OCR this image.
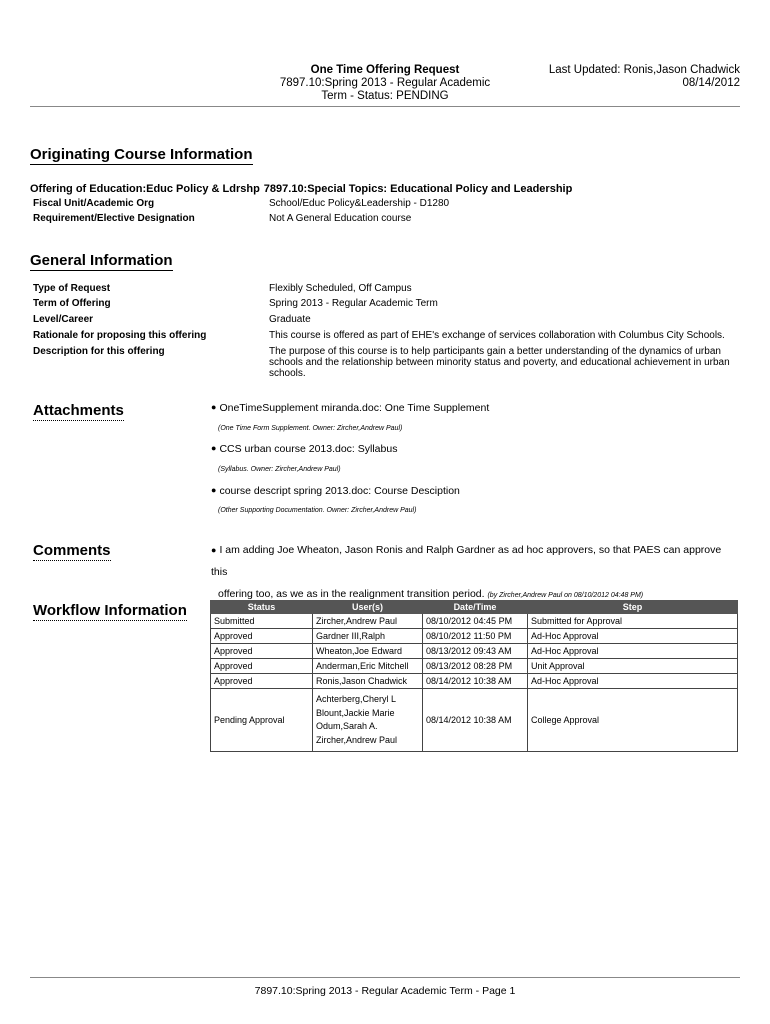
One Time Offering Request
7897.10:Spring 2013 - Regular Academic
Term - Status: PENDING
Last Updated: Ronis,Jason Chadwick
08/14/2012
Originating Course Information
Offering of Education:Educ Policy & Ldrshp 7897.10:Special Topics: Educational Policy and Leadership
Fiscal Unit/Academic Org	School/Educ Policy&Leadership - D1280
Requirement/Elective Designation	Not A General Education course
General Information
Type of Request	Flexibly Scheduled, Off Campus
Term of Offering	Spring 2013 - Regular Academic Term
Level/Career	Graduate
Rationale for proposing this offering	This course is offered as part of EHE's exchange of services collaboration with Columbus City Schools.
Description for this offering	The purpose of this course is to help participants gain a better understanding of the dynamics of urban schools and the relationship between minority status and poverty, and educational achievement in urban schools.
Attachments	● OneTimeSupplement miranda.doc: One Time Supplement
(One Time Form Supplement. Owner: Zircher,Andrew Paul)
● CCS urban course 2013.doc: Syllabus
(Syllabus. Owner: Zircher,Andrew Paul)
● course descript spring 2013.doc: Course Desciption
(Other Supporting Documentation. Owner: Zircher,Andrew Paul)
Comments	● I am adding Joe Wheaton, Jason Ronis and Ralph Gardner as ad hoc approvers, so that PAES can approve this
offering too, as we as in the realignment transition period. (by Zircher,Andrew Paul on 08/10/2012 04:48 PM)
Workflow Information	Status	User(s)	Date/Time	Step
Submitted	Zircher,Andrew Paul	08/10/2012 04:45 PM	Submitted for Approval
Approved	Gardner III,Ralph	08/10/2012 11:50 PM	Ad-Hoc Approval
Approved	Wheaton,Joe Edward	08/13/2012 09:43 AM	Ad-Hoc Approval
Approved	Anderman,Eric Mitchell	08/13/2012 08:28 PM	Unit Approval
Approved	Ronis,Jason Chadwick	08/14/2012 10:38 AM	Ad-Hoc Approval
Pending Approval	Achterberg,Cheryl L
Blount,Jackie Marie
Odum,Sarah A.
Zircher,Andrew Paul	08/14/2012 10:38 AM	College Approval
7897.10:Spring 2013 - Regular Academic Term - Page 1
